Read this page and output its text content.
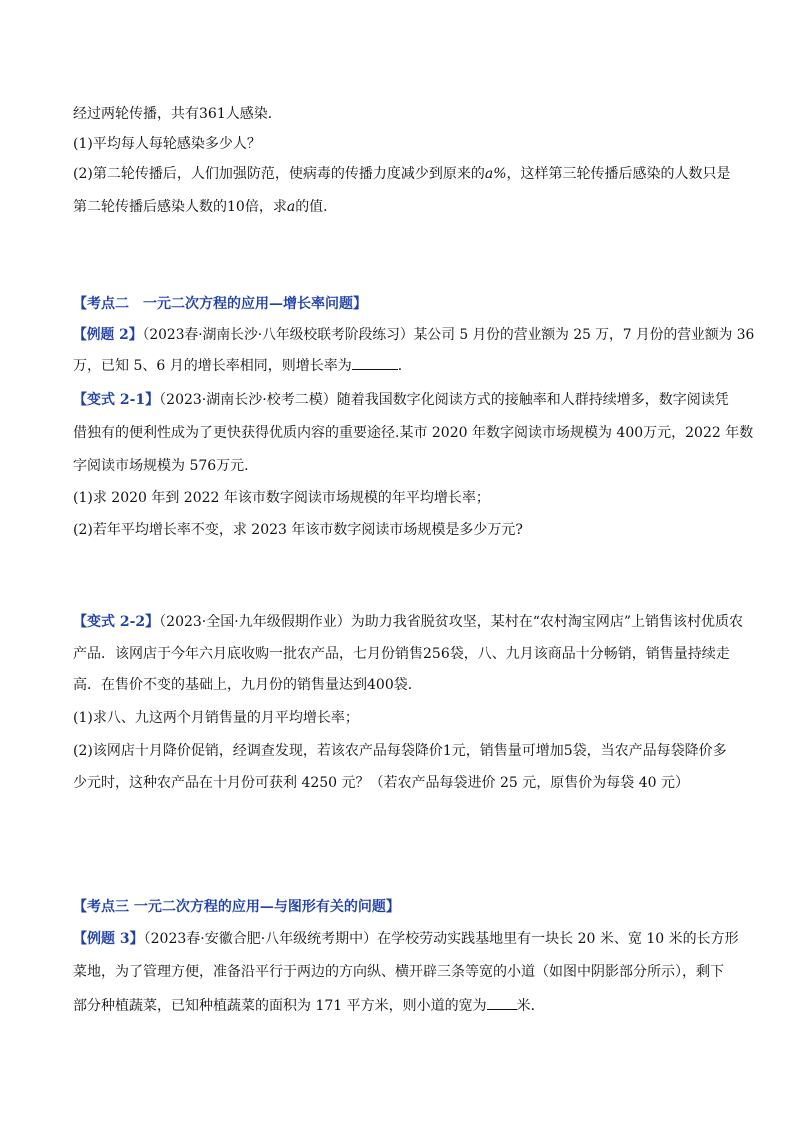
经过两轮传播，共有361人感染．
(1)平均每人每轮感染多少人？
(2)第二轮传播后，人们加强防范，使病毒的传播力度减少到原来的a%，这样第三轮传播后感染的人数只是
第二轮传播后感染人数的10倍，求a的值．
【考点二　一元二次方程的应用—增长率问题】
【例题 2】（2023春·湖南长沙·八年级校联考阶段练习）某公司 5 月份的营业额为 25 万，7 月份的营业额为 36
万，已知 5、6 月的增长率相同，则增长率为	．
【变式 2-1】（2023·湖南长沙·校考二模）随着我国数字化阅读方式的接触率和人群持续增多，数字阅读凭
借独有的便利性成为了更快获得优质内容的重要途径.某市 2020 年数字阅读市场规模为 400万元，2022 年数
字阅读市场规模为 576万元.
(1)求 2020 年到 2022 年该市数字阅读市场规模的年平均增长率；
(2)若年平均增长率不变，求 2023 年该市数字阅读市场规模是多少万元?
【变式 2-2】（2023·全国·九年级假期作业）为助力我省脱贫攻坚，某村在“农村淘宝网店”上销售该村优质农
产品．该网店于今年六月底收购一批农产品，七月份销售256袋，八、九月该商品十分畅销，销售量持续走
高．在售价不变的基础上，九月份的销售量达到400袋．
(1)求八、九这两个月销售量的月平均增长率；
(2)该网店十月降价促销，经调查发现，若该农产品每袋降价1元，销售量可增加5袋，当农产品每袋降价多
少元时，这种农产品在十月份可获利 4250 元？（若农产品每袋进价 25 元，原售价为每袋 40 元）
【考点三 一元二次方程的应用—与图形有关的问题】
【例题 3】（2023春·安徽合肥·八年级统考期中）在学校劳动实践基地里有一块长 20 米、宽 10 米的长方形
菜地，为了管理方便，准备沿平行于两边的方向纵、横开辟三条等宽的小道（如图中阴影部分所示），剩下
部分种植蔬菜，已知种植蔬菜的面积为 171 平方米，则小道的宽为 米．
